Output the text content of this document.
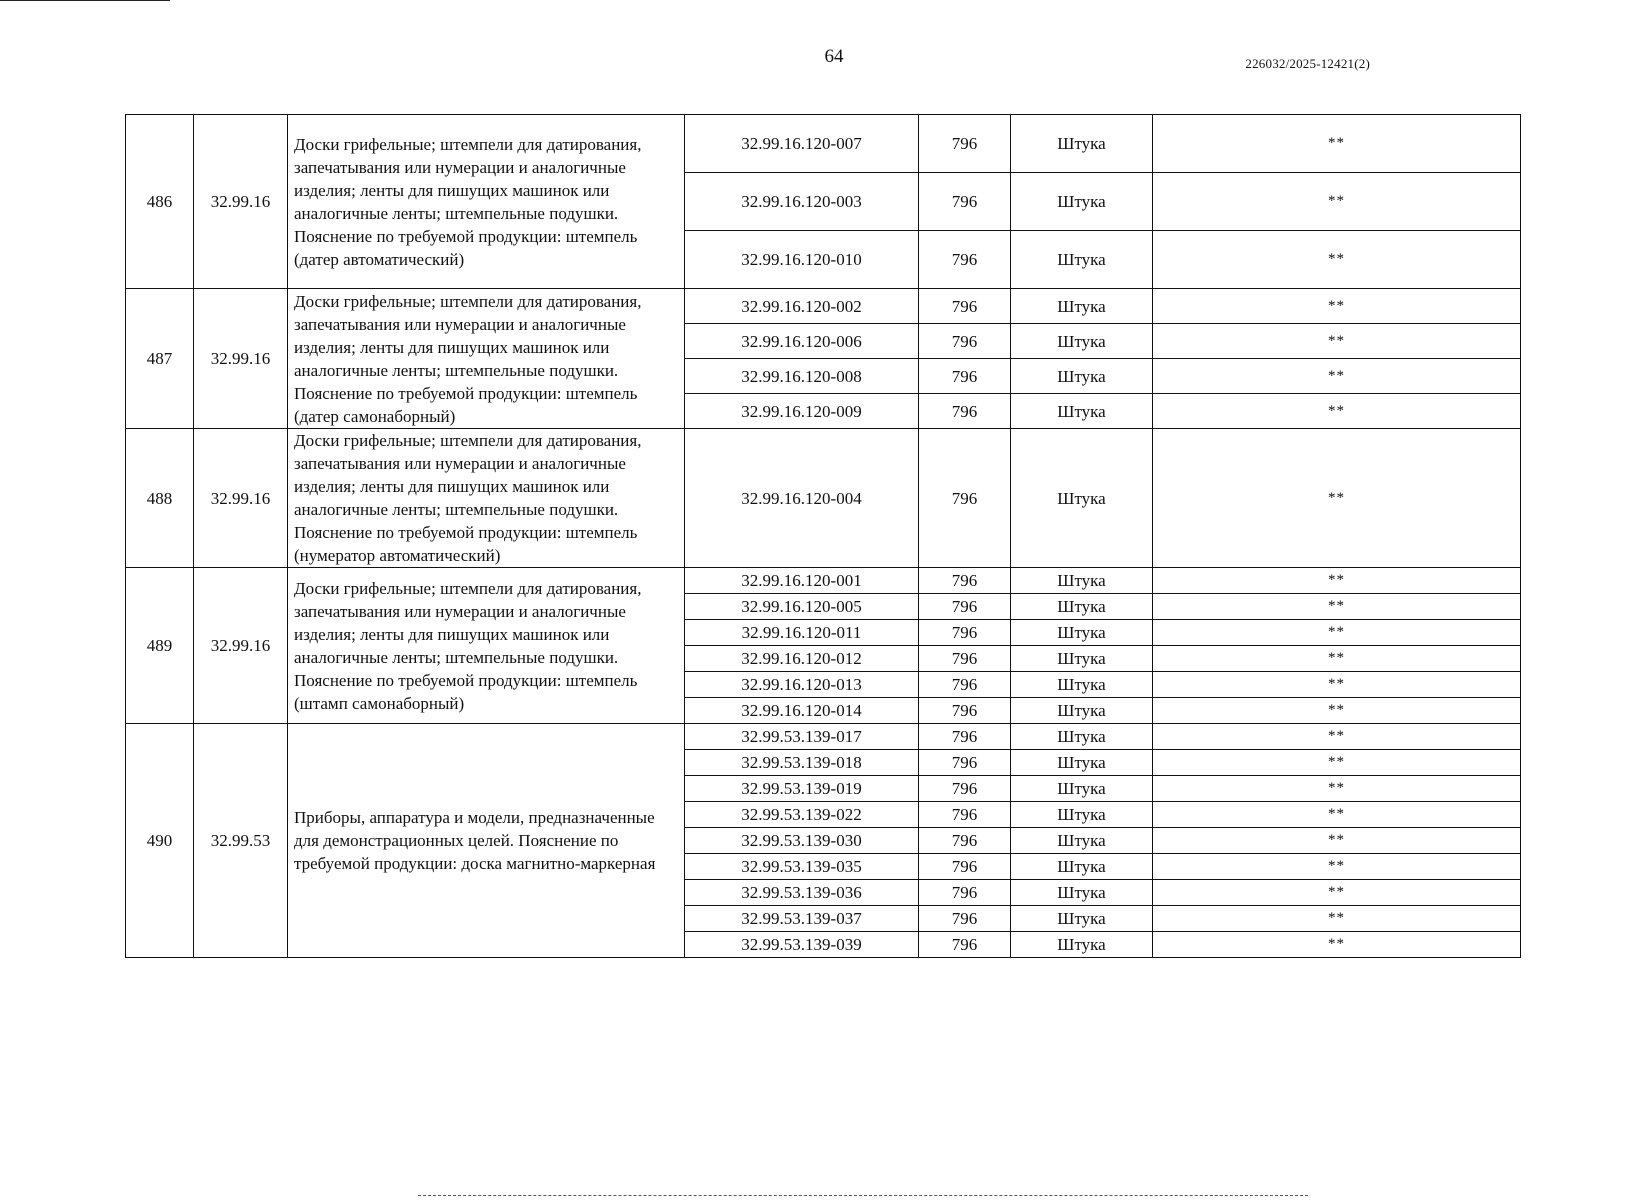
64	226032/2025-12421(2)
486	32.99.16	Доски грифельные; штемпели для датирования, запечатывания или нумерации и аналогичные изделия; ленты для пишущих машинок или аналогичные ленты; штемпельные подушки. Пояснение по требуемой продукции: штемпель (датер автоматический)	32.99.16.120-007	796	Штука	**
			32.99.16.120-003	796	Штука	**
			32.99.16.120-010	796	Штука	**
487	32.99.16	Доски грифельные; штемпели для датирования, запечатывания или нумерации и аналогичные изделия; ленты для пишущих машинок или аналогичные ленты; штемпельные подушки. Пояснение по требуемой продукции: штемпель (датер самонаборный)	32.99.16.120-002	796	Штука	**
			32.99.16.120-006	796	Штука	**
			32.99.16.120-008	796	Штука	**
			32.99.16.120-009	796	Штука	**
488	32.99.16	Доски грифельные; штемпели для датирования, запечатывания или нумерации и аналогичные изделия; ленты для пишущих машинок или аналогичные ленты; штемпельные подушки. Пояснение по требуемой продукции: штемпель (нумератор автоматический)	32.99.16.120-004	796	Штука	**
489	32.99.16	Доски грифельные; штемпели для датирования, запечатывания или нумерации и аналогичные изделия; ленты для пишущих машинок или аналогичные ленты; штемпельные подушки. Пояснение по требуемой продукции: штемпель (штамп самонаборный)	32.99.16.120-001	796	Штука	**
			32.99.16.120-005	796	Штука	**
			32.99.16.120-011	796	Штука	**
			32.99.16.120-012	796	Штука	**
			32.99.16.120-013	796	Штука	**
			32.99.16.120-014	796	Штука	**
490	32.99.53	Приборы, аппаратура и модели, предназначенные для демонстрационных целей. Пояснение по требуемой продукции: доска магнитно-маркерная	32.99.53.139-017	796	Штука	**
			32.99.53.139-018	796	Штука	**
			32.99.53.139-019	796	Штука	**
			32.99.53.139-022	796	Штука	**
			32.99.53.139-030	796	Штука	**
			32.99.53.139-035	796	Штука	**
			32.99.53.139-036	796	Штука	**
			32.99.53.139-037	796	Штука	**
			32.99.53.139-039	796	Штука	**
